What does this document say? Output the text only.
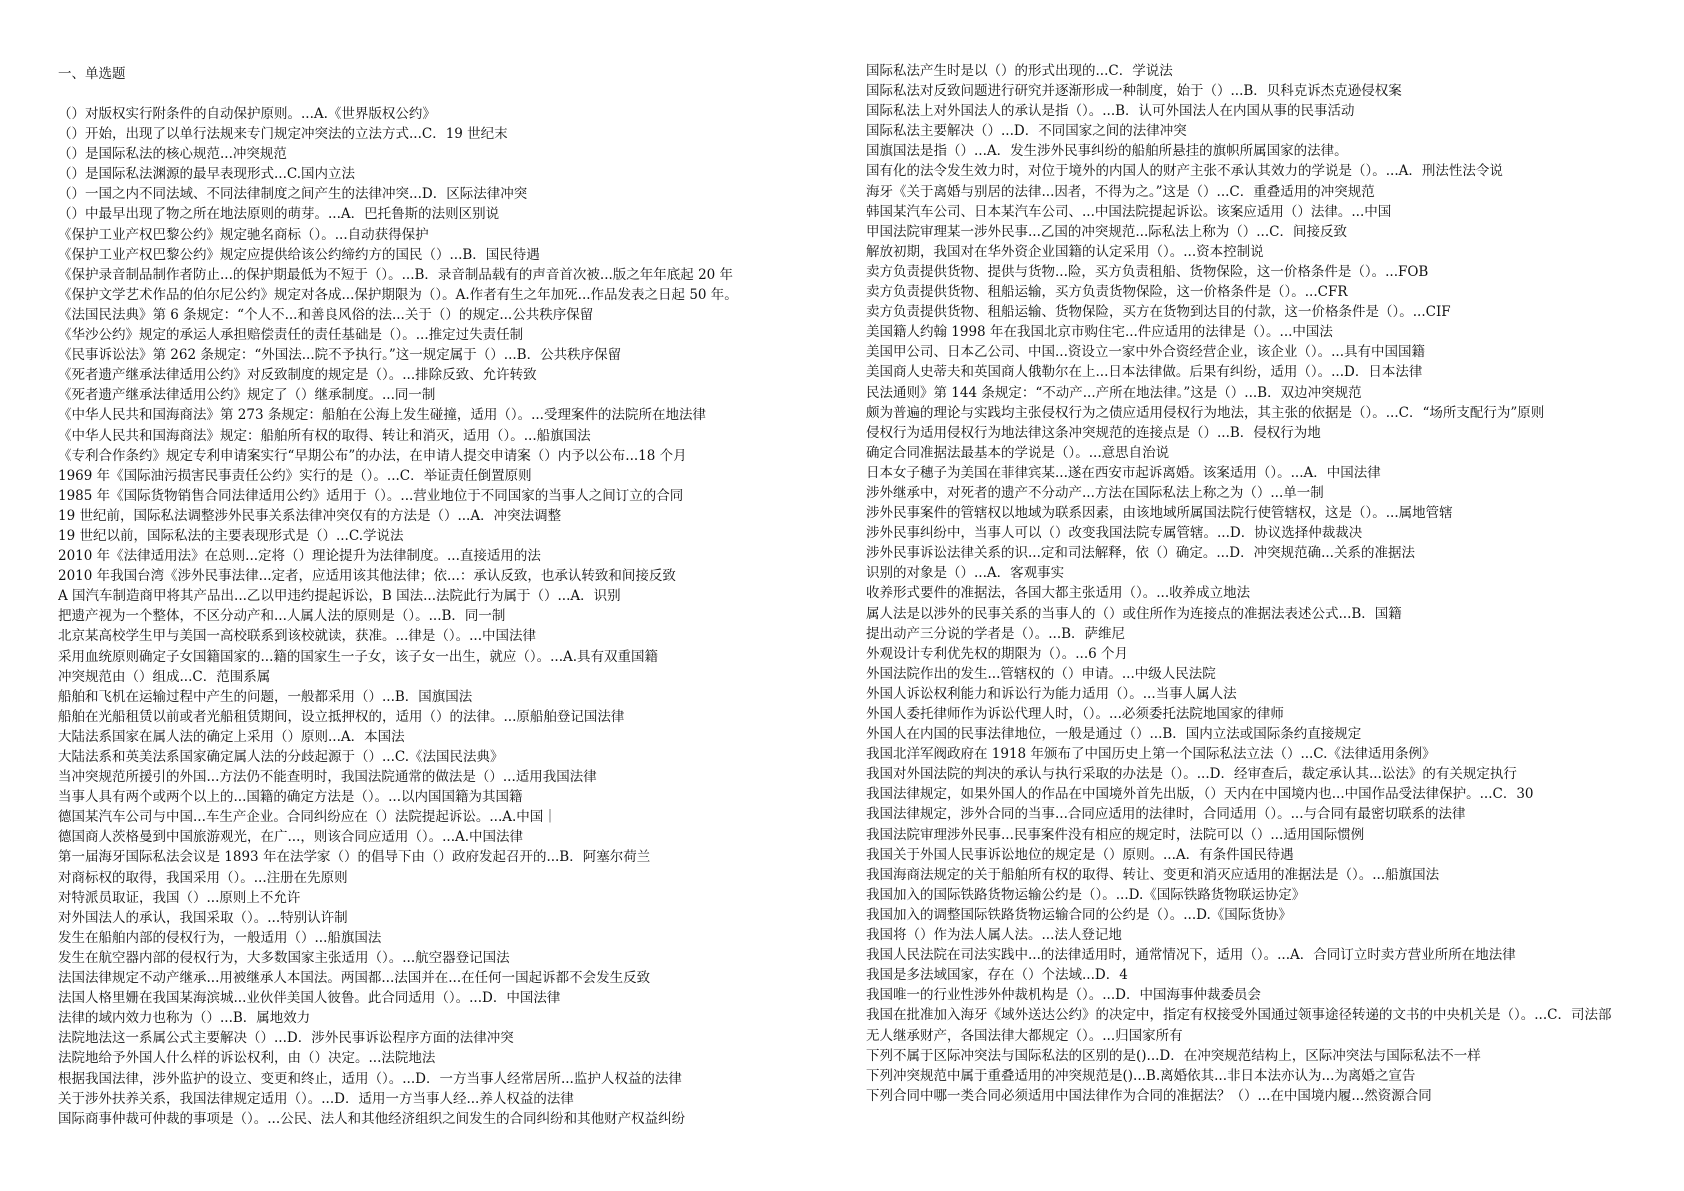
一、单选题
（）对版权实行附条件的自动保护原则。...A.《世界版权公约》
（）开始，出现了以单行法规来专门规定冲突法的立法方式...C．19 世纪末
（）是国际私法的核心规范...冲突规范
（）是国际私法渊源的最早表现形式...C.国内立法
（）一国之内不同法域、不同法律制度之间产生的法律冲突...D．区际法律冲突
（）中最早出现了物之所在地法原则的萌芽。...A．巴托鲁斯的法则区别说
《保护工业产权巴黎公约》规定驰名商标（）。...自动获得保护
《保护工业产权巴黎公约》规定应提供给该公约缔约方的国民（）...B．国民待遇
《保护录音制品制作者防止...的保护期最低为不短于（）。...B．录音制品载有的声音首次被...版之年年底起 20 年
《保护文学艺术作品的伯尔尼公约》规定对各成...保护期限为（）。A.作者有生之年加死...作品发表之日起 50 年。
《法国民法典》第 6 条规定：“个人不...和善良风俗的法...关于（）的规定...公共秩序保留
《华沙公约》规定的承运人承担赔偿责任的责任基础是（）。...推定过失责任制
《民事诉讼法》第 262 条规定：“外国法...院不予执行。”这一规定属于（）...B．公共秩序保留
《死者遗产继承法律适用公约》对反致制度的规定是（）。...排除反致、允许转致
《死者遗产继承法律适用公约》规定了（）继承制度。...同一制
《中华人民共和国海商法》第 273 条规定：船舶在公海上发生碰撞，适用（）。...受理案件的法院所在地法律
《中华人民共和国海商法》规定：船舶所有权的取得、转让和消灭，适用（）。...船旗国法
《专利合作条约》规定专利申请案实行“早期公布”的办法，在申请人提交申请案（）内予以公布...18 个月
1969 年《国际油污损害民事责任公约》实行的是（）。...C．举证责任倒置原则
1985 年《国际货物销售合同法律适用公约》适用于（）。...营业地位于不同国家的当事人之间订立的合同
19 世纪前，国际私法调整涉外民事关系法律冲突仅有的方法是（）...A．冲突法调整
19 世纪以前，国际私法的主要表现形式是（）...C.学说法
2010 年《法律适用法》在总则...定将（）理论提升为法律制度。...直接适用的法
2010 年我国台湾《涉外民事法律...定者，应适用该其他法律；依...：承认反致，也承认转致和间接反致
A 国汽车制造商甲将其产品出...乙以甲违约提起诉讼，B 国法...法院此行为属于（）...A．识别
把遗产视为一个整体，不区分动产和...人属人法的原则是（）。...B．同一制
北京某高校学生甲与美国一高校联系到该校就读，获准。...律是（）。...中国法律
采用血统原则确定子女国籍国家的...籍的国家生一子女，该子女一出生，就应（）。...A.具有双重国籍
冲突规范由（）组成...C．范围系属
船舶和飞机在运输过程中产生的问题，一般都采用（）...B．国旗国法
船舶在光船租赁以前或者光船租赁期间，设立抵押权的，适用（）的法律。...原船舶登记国法律
大陆法系国家在属人法的确定上采用（）原则...A．本国法
大陆法系和英美法系国家确定属人法的分歧起源于（）...C.《法国民法典》
当冲突规范所援引的外国...方法仍不能查明时，我国法院通常的做法是（）...适用我国法律
当事人具有两个或两个以上的...国籍的确定方法是（）。...以内国国籍为其国籍
德国某汽车公司与中国...车生产企业。合同纠纷应在（）法院提起诉讼。...A.中国｜
德国商人茨格曼到中国旅游观光，在广...，则该合同应适用（）。...A.中国法律
第一届海牙国际私法会议是 1893 年在法学家（）的倡导下由（）政府发起召开的...B．阿塞尔荷兰
对商标权的取得，我国采用（）。...注册在先原则
对特派员取证，我国（）...原则上不允许
对外国法人的承认，我国采取（）。...特别认许制
发生在船舶内部的侵权行为，一般适用（）...船旗国法
发生在航空器内部的侵权行为，大多数国家主张适用（）。...航空器登记国法
法国法律规定不动产继承...用被继承人本国法。两国都...法国并在...在任何一国起诉都不会发生反致
法国人格里姗在我国某海滨城...业伙伴美国人彼鲁。此合同适用（）。...D．中国法律
法律的域内效力也称为（）...B．属地效力
法院地法这一系属公式主要解决（）...D．涉外民事诉讼程序方面的法律冲突
法院地给予外国人什么样的诉讼权利，由（）决定。...法院地法
根据我国法律，涉外监护的设立、变更和终止，适用（）。...D．一方当事人经常居所...监护人权益的法律
关于涉外扶养关系，我国法律规定适用（）。...D．适用一方当事人经...养人权益的法律
国际商事仲裁可仲裁的事项是（）。...公民、法人和其他经济组织之间发生的合同纠纷和其他财产权益纠纷
国际私法产生时是以（）的形式出现的...C．学说法
国际私法对反致问题进行研究并逐渐形成一种制度，始于（）...B．贝科克诉杰克逊侵权案
国际私法上对外国法人的承认是指（）。...B．认可外国法人在内国从事的民事活动
国际私法主要解决（）...D．不同国家之间的法律冲突
国旗国法是指（）...A．发生涉外民事纠纷的船舶所悬挂的旗帜所属国家的法律。
国有化的法令发生效力时，对位于境外的内国人的财产主张不承认其效力的学说是（）。...A．刑法性法令说
海牙《关于离婚与别居的法律...因者，不得为之。”这是（）...C．重叠适用的冲突规范
韩国某汽车公司、日本某汽车公司、...中国法院提起诉讼。该案应适用（）法律。...中国
甲国法院审理某一涉外民事...乙国的冲突规范...际私法上称为（）...C．间接反致
解放初期，我国对在华外资企业国籍的认定采用（）。...资本控制说
卖方负责提供货物、提供与货物...险，买方负责租船、货物保险，这一价格条件是（）。...FOB
卖方负责提供货物、租船运输，买方负责货物保险，这一价格条件是（）。...CFR
卖方负责提供货物、租船运输、货物保险，买方在货物到达目的付款，这一价格条件是（）。...CIF
美国籍人约翰 1998 年在我国北京市购住宅...件应适用的法律是（）。...中国法
美国甲公司、日本乙公司、中国...资设立一家中外合资经营企业，该企业（）。...具有中国国籍
美国商人史蒂夫和英国商人俄勒尔在上...日本法律做。后果有纠纷，适用（）。...D．日本法律
民法通则》第 144 条规定：“不动产...产所在地法律。”这是（）...B．双边冲突规范
颇为普遍的理论与实践均主张侵权行为之债应适用侵权行为地法，其主张的依据是（）。...C．“场所支配行为”原则
侵权行为适用侵权行为地法律这条冲突规范的连接点是（）...B．侵权行为地
确定合同准据法最基本的学说是（）。...意思自治说
日本女子穗子为美国在菲律宾某...遂在西安市起诉离婚。该案适用（）。...A．中国法律
涉外继承中，对死者的遗产不分动产...方法在国际私法上称之为（）...单一制
涉外民事案件的管辖权以地域为联系因素，由该地域所属国法院行使管辖权，这是（）。...属地管辖
涉外民事纠纷中，当事人可以（）改变我国法院专属管辖。...D．协议选择仲裁裁决
涉外民事诉讼法律关系的识...定和司法解释，依（）确定。...D．冲突规范确...关系的准据法
识别的对象是（）...A．客观事实
收养形式要件的准据法，各国大都主张适用（）。...收养成立地法
属人法是以涉外的民事关系的当事人的（）或住所作为连接点的准据法表述公式...B．国籍
提出动产三分说的学者是（）。...B．萨维尼
外观设计专利优先权的期限为（）。...6 个月
外国法院作出的发生...管辖权的（）申请。...中级人民法院
外国人诉讼权利能力和诉讼行为能力适用（）。...当事人属人法
外国人委托律师作为诉讼代理人时，（）。...必须委托法院地国家的律师
外国人在内国的民事法律地位，一般是通过（）...B．国内立法或国际条约直接规定
我国北洋军阀政府在 1918 年颁布了中国历史上第一个国际私法立法（）...C.《法律适用条例》
我国对外国法院的判决的承认与执行采取的办法是（）。...D．经审查后，裁定承认其...讼法》的有关规定执行
我国法律规定，如果外国人的作品在中国境外首先出版，（）天内在中国境内也...中国作品受法律保护。...C．30
我国法律规定，涉外合同的当事...合同应适用的法律时，合同适用（）。...与合同有最密切联系的法律
我国法院审理涉外民事...民事案件没有相应的规定时，法院可以（）...适用国际惯例
我国关于外国人民事诉讼地位的规定是（）原则。...A．有条件国民待遇
我国海商法规定的关于船舶所有权的取得、转让、变更和消灭应适用的准据法是（）。...船旗国法
我国加入的国际铁路货物运输公约是（）。...D.《国际铁路货物联运协定》
我国加入的调整国际铁路货物运输合同的公约是（）。...D.《国际货协》
我国将（）作为法人属人法。...法人登记地
我国人民法院在司法实践中...的法律适用时，通常情况下，适用（）。...A．合同订立时卖方营业所所在地法律
我国是多法域国家，存在（）个法域...D．4
我国唯一的行业性涉外仲裁机构是（）。...D．中国海事仲裁委员会
我国在批准加入海牙《域外送达公约》的决定中，指定有权接受外国通过领事途径转递的文书的中央机关是（）。...C．司法部
无人继承财产，各国法律大都规定（）。...归国家所有
下列不属于区际冲突法与国际私法的区别的是()...D．在冲突规范结构上，区际冲突法与国际私法不一样
下列冲突规范中属于重叠适用的冲突规范是()...B.离婚依其...非日本法亦认为...为离婚之宣告
下列合同中哪一类合同必须适用中国法律作为合同的准据法？（）...在中国境内履...然资源合同
